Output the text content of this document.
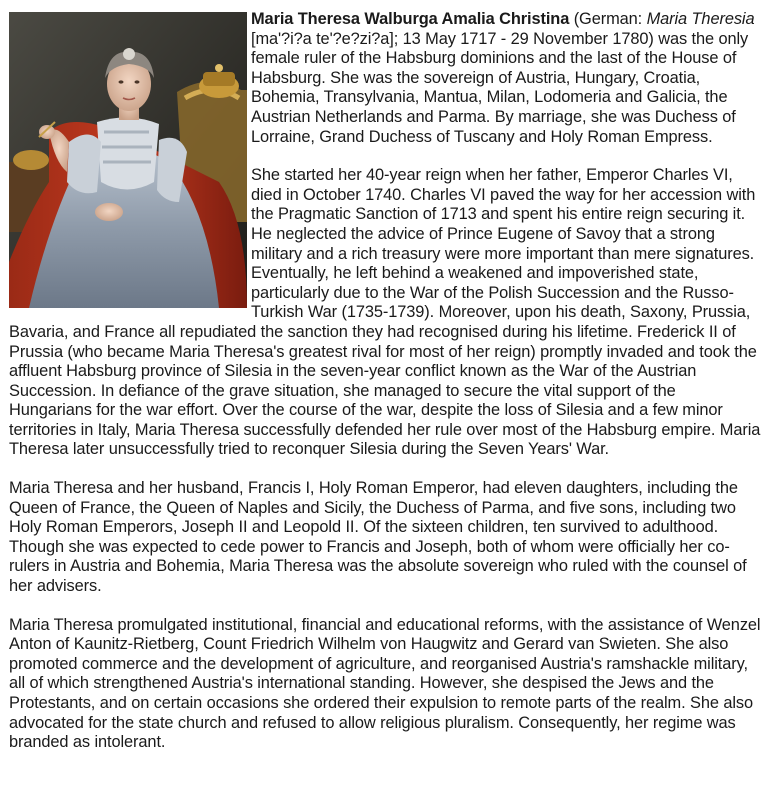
Maria Theresa Walburga Amalia Christina (German: Maria Theresia [ma'?i?a te'?e?zi?a]; 13 May 1717 - 29 November 1780) was the only female ruler of the Habsburg dominions and the last of the House of Habsburg. She was the sovereign of Austria, Hungary, Croatia, Bohemia, Transylvania, Mantua, Milan, Lodomeria and Galicia, the Austrian Netherlands and Parma. By marriage, she was Duchess of Lorraine, Grand Duchess of Tuscany and Holy Roman Empress.

She started her 40-year reign when her father, Emperor Charles VI, died in October 1740. Charles VI paved the way for her accession with the Pragmatic Sanction of 1713 and spent his entire reign securing it. He neglected the advice of Prince Eugene of Savoy that a strong military and a rich treasury were more important than mere signatures. Eventually, he left behind a weakened and impoverished state, particularly due to the War of the Polish Succession and the Russo-Turkish War (1735-1739). Moreover, upon his death, Saxony, Prussia, Bavaria, and France all repudiated the sanction they had recognised during his lifetime. Frederick II of Prussia (who became Maria Theresa's greatest rival for most of her reign) promptly invaded and took the affluent Habsburg province of Silesia in the seven-year conflict known as the War of the Austrian Succession. In defiance of the grave situation, she managed to secure the vital support of the Hungarians for the war effort. Over the course of the war, despite the loss of Silesia and a few minor territories in Italy, Maria Theresa successfully defended her rule over most of the Habsburg empire. Maria Theresa later unsuccessfully tried to reconquer Silesia during the Seven Years' War.

Maria Theresa and her husband, Francis I, Holy Roman Emperor, had eleven daughters, including the Queen of France, the Queen of Naples and Sicily, the Duchess of Parma, and five sons, including two Holy Roman Emperors, Joseph II and Leopold II. Of the sixteen children, ten survived to adulthood. Though she was expected to cede power to Francis and Joseph, both of whom were officially her co-rulers in Austria and Bohemia, Maria Theresa was the absolute sovereign who ruled with the counsel of her advisers.

Maria Theresa promulgated institutional, financial and educational reforms, with the assistance of Wenzel Anton of Kaunitz-Rietberg, Count Friedrich Wilhelm von Haugwitz and Gerard van Swieten. She also promoted commerce and the development of agriculture, and reorganised Austria's ramshackle military, all of which strengthened Austria's international standing. However, she despised the Jews and the Protestants, and on certain occasions she ordered their expulsion to remote parts of the realm. She also advocated for the state church and refused to allow religious pluralism. Consequently, her regime was branded as intolerant.
